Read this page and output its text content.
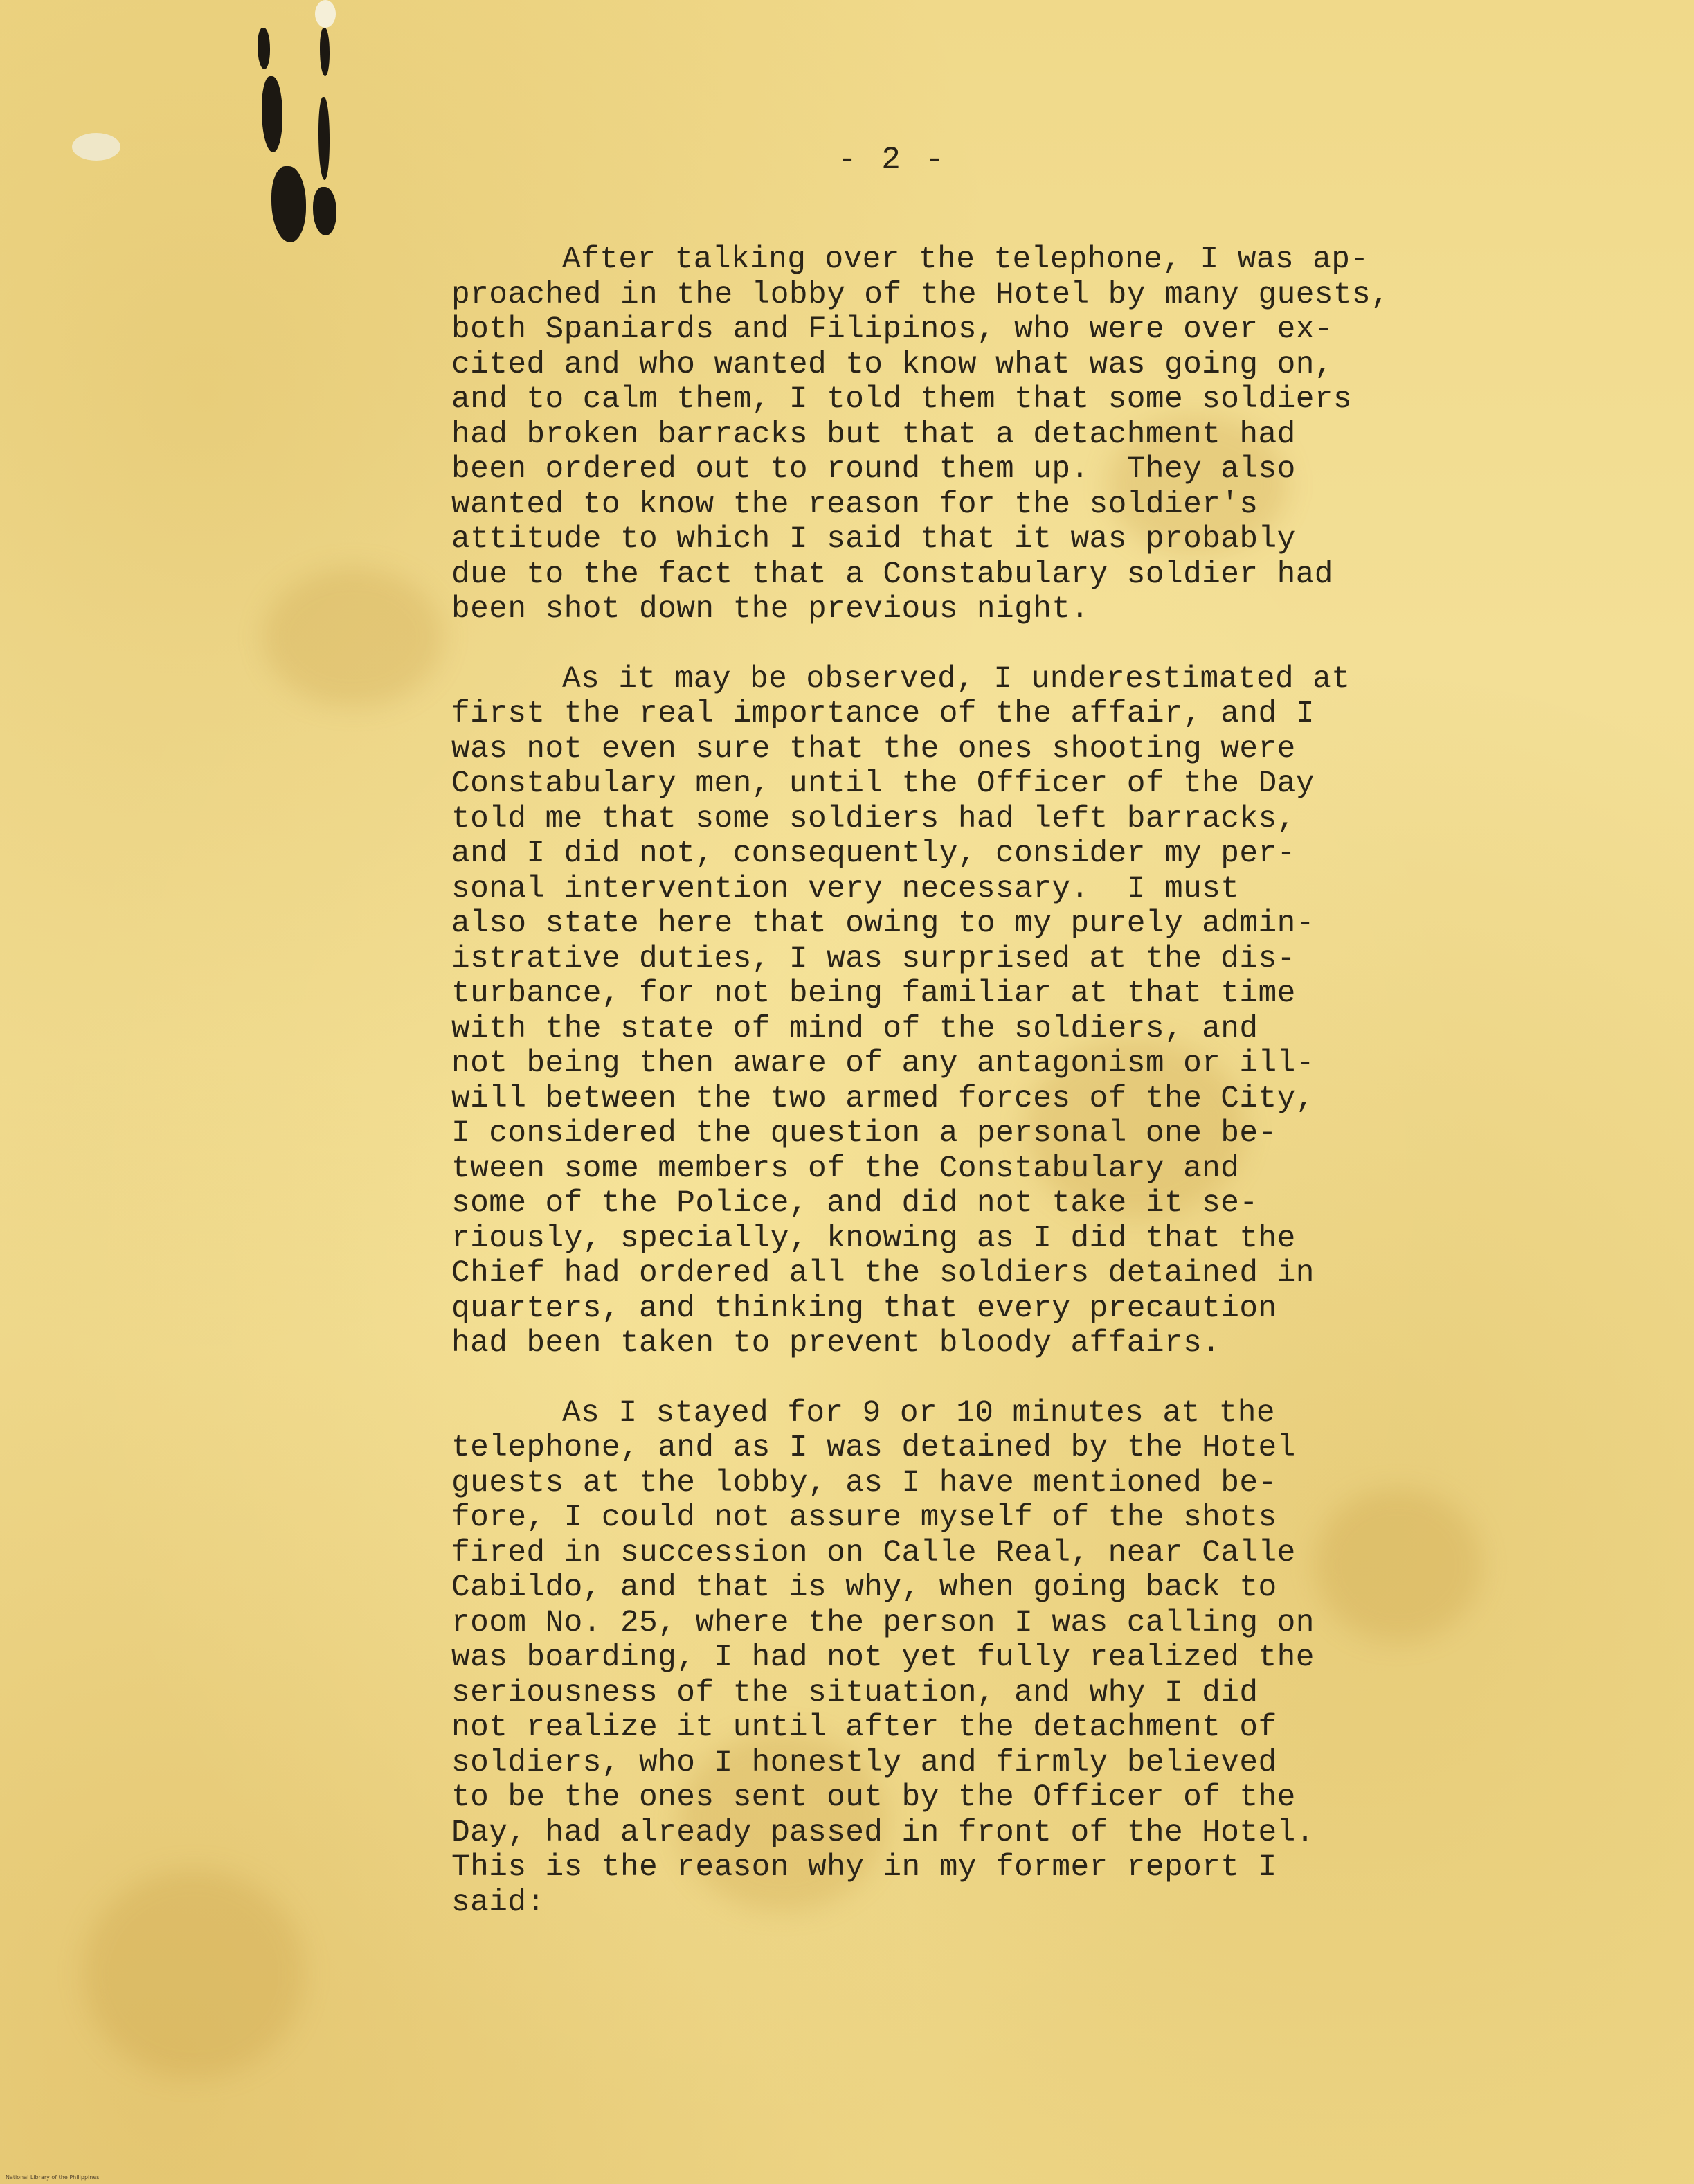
- 2 -
After talking over the telephone, I was ap-
proached in the lobby of the Hotel by many guests,
both Spaniards and Filipinos, who were over ex-
cited and who wanted to know what was going on,
and to calm them, I told them that some soldiers
had broken barracks but that a detachment had
been ordered out to round them up.  They also
wanted to know the reason for the soldier's
attitude to which I said that it was probably
due to the fact that a Constabulary soldier had
been shot down the previous night.
As it may be observed, I underestimated at
first the real importance of the affair, and I
was not even sure that the ones shooting were
Constabulary men, until the Officer of the Day
told me that some soldiers had left barracks,
and I did not, consequently, consider my per-
sonal intervention very necessary.  I must
also state here that owing to my purely admin-
istrative duties, I was surprised at the dis-
turbance, for not being familiar at that time
with the state of mind of the soldiers, and
not being then aware of any antagonism or ill-
will between the two armed forces of the City,
I considered the question a personal one be-
tween some members of the Constabulary and
some of the Police, and did not take it se-
riously, specially, knowing as I did that the
Chief had ordered all the soldiers detained in
quarters, and thinking that every precaution
had been taken to prevent bloody affairs.
As I stayed for 9 or 10 minutes at the
telephone, and as I was detained by the Hotel
guests at the lobby, as I have mentioned be-
fore, I could not assure myself of the shots
fired in succession on Calle Real, near Calle
Cabildo, and that is why, when going back to
room No. 25, where the person I was calling on
was boarding, I had not yet fully realized the
seriousness of the situation, and why I did
not realize it until after the detachment of
soldiers, who I honestly and firmly believed
to be the ones sent out by the Officer of the
Day, had already passed in front of the Hotel.
This is the reason why in my former report I
said:
National Library of the Philippines
